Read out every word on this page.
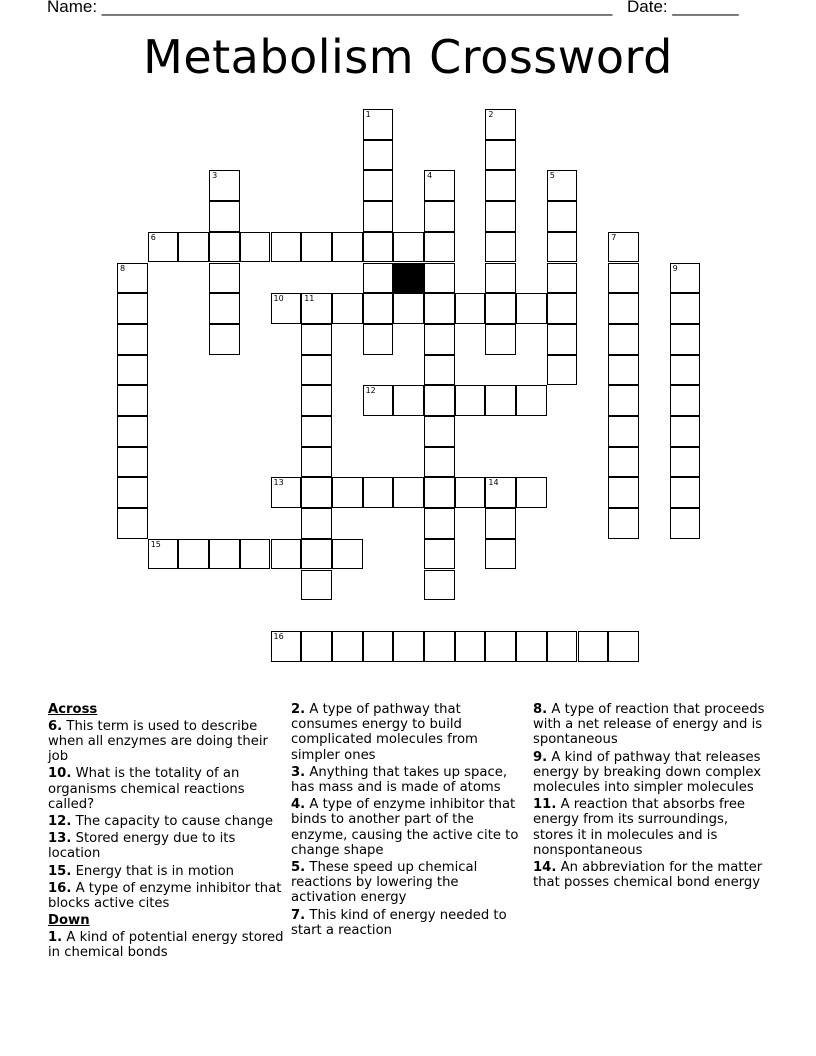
Name: ______________________________________________________ Date: _______
Metabolism Crossword
1	2
3	4	5
6	7
8	9
10	11
12
13	14
15
16
Across
6. This term is used to describe when all enzymes are doing their job
10. What is the totality of an organisms chemical reactions called?
12. The capacity to cause change
13. Stored energy due to its location
15. Energy that is in motion
16. A type of enzyme inhibitor that blocks active cites
Down
1. A kind of potential energy stored in chemical bonds
2. A type of pathway that consumes energy to build complicated molecules from simpler ones
3. Anything that takes up space, has mass and is made of atoms
4. A type of enzyme inhibitor that binds to another part of the enzyme, causing the active cite to change shape
5. These speed up chemical reactions by lowering the activation energy
7. This kind of energy needed to start a reaction
8. A type of reaction that proceeds with a net release of energy and is spontaneous
9. A kind of pathway that releases energy by breaking down complex molecules into simpler molecules
11. A reaction that absorbs free energy from its surroundings, stores it in molecules and is nonspontaneous
14. An abbreviation for the matter that posses chemical bond energy
